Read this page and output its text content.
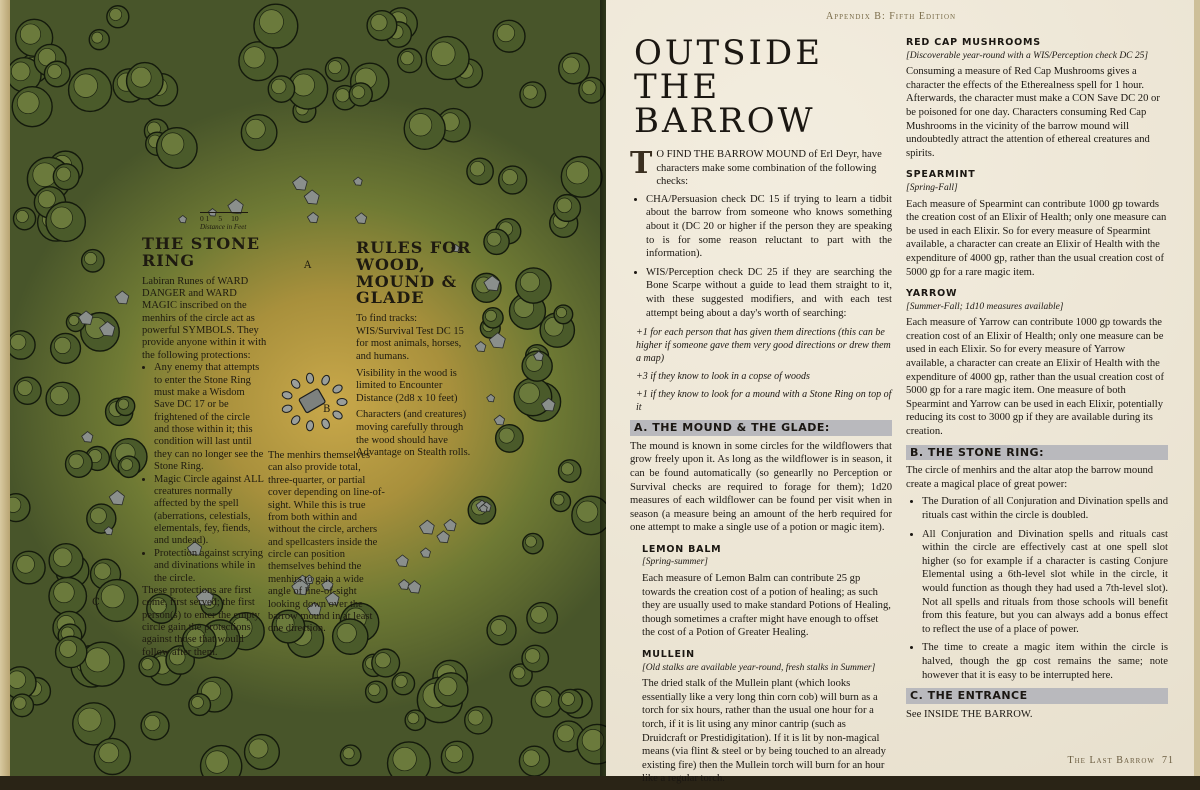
0 1 5 10
Distance in Feet
THE STONE RING

Labiran Runes of WARD DANGER and WARD MAGIC inscribed on the menhirs of the circle act as powerful SYMBOLS. They provide anyone within it with the following protections:

• Any enemy that attempts to enter the Stone Ring must make a Wisdom Save DC 17 or be frightened of the circle and those within it; this condition will last until they can no longer see the Stone Ring.
• Magic Circle against ALL creatures normally affected by the spell (aberrations, celestials, elementals, fey, fiends, and undead).
• Protection against scrying and divinations while in the circle.

These protections are first come, first served; the first person(s) to enter the empty circle gain the protections against those that would follow after them.

RULES FOR WOOD, MOUND & GLADE

To find tracks: WIS/Survival Test DC 15 for most animals, horses, and humans.

Visibility in the wood is limited to Encounter Distance (2d8 x 10 feet)

Characters (and creatures) moving carefully through the wood should have Advantage on Stealth rolls.

The menhirs themselves can also provide total, three-quarter, or partial cover depending on line-of-sight. While this is true from both within and without the circle, archers and spellcasters inside the circle can position themselves behind the menhirs to gain a wide angle of line-of-sight looking down over the barrow mound in at least one direction.
A
B
C
Appendix B: Fifth Edition
OUTSIDE
THE BARROW

T O FIND THE BARROW MOUND of Erl Deyr, have characters make some combination of the following checks:

• CHA/Persuasion check DC 15 if trying to learn a tidbit about the barrow from someone who knows something about it (DC 20 or higher if the person they are speaking to is for some reason reluctant to part with the information).
• WIS/Perception check DC 25 if they are searching the Bone Scarpe without a guide to lead them straight to it, with these suggested modifiers, and with each test attempt being about a day's worth of searching:
+1 for each person that has given them directions (this can be higher if someone gave them very good directions or drew them a map)
+3 if they know to look in a copse of woods
+1 if they know to look for a mound with a Stone Ring on top of it
A. THE MOUND & THE GLADE:

The mound is known in some circles for the wildflowers that grow freely upon it. As long as the wildflower is in season, it can be found automatically (so genearlly no Perception or Survival checks are required to forage for them); 1d20 measures of each wildflower can be found per visit when in season (a measure being an amount of the herb required for one attempt to make a single use of a potion or magic item).

LEMON BALM
[Spring-summer]

Each measure of Lemon Balm can contribute 25 gp towards the creation cost of a potion of healing; as such they are usually used to make standard Potions of Healing, though sometimes a crafter might have enough to offset the cost of a Potion of Greater Healing.

MULLEIN
[Old stalks are available year-round, fresh stalks in Summer]

The dried stalk of the Mullein plant (which looks essentially like a very long thin corn cob) will burn as a torch for six hours, rather than the usual one hour for a torch, if it is lit using any minor cantrip (such as Druidcraft or Prestidigitation). If it is lit by non-magical means (via flint & steel or by being touched to an already existing fire) then the Mullein torch will burn for an hour like a regular torch.

RED CAP MUSHROOMS
[Discoverable year-round with a WIS/Perception check DC 25]

Consuming a measure of Red Cap Mushrooms gives a character the effects of the Etherealness spell for 1 hour. Afterwards, the character must make a CON Save DC 20 or be poisoned for one day. Characters consuming Red Cap Mushrooms in the vicinity of the barrow mound will undoubtedly attract the attention of ethereal creatures and spirits.

SPEARMINT
[Spring-Fall]

Each measure of Spearmint can contribute 1000 gp towards the creation cost of an Elixir of Health; only one measure can be used in each Elixir. So for every measure of Spearmint available, a character can create an Elixir of Health with the expenditure of 4000 gp, rather than the usual creation cost of 5000 gp for a rare magic item.

YARROW
[Summer-Fall; 1d10 measures available]

Each measure of Yarrow can contribute 1000 gp towards the creation cost of an Elixir of Health; only one measure can be used in each Elixir. So for every measure of Yarrow available, a character can create an Elixir of Health with the expenditure of 4000 gp, rather than the usual creation cost of 5000 gp for a rare magic item. One measure of both Spearmint and Yarrow can be used in each Elixir, potentially reducing its cost to 3000 gp if they are available during its creation.

B. THE STONE RING:

The circle of menhirs and the altar atop the barrow mound create a magical place of great power:

• The Duration of all Conjuration and Divination spells and rituals cast within the circle is doubled.
• All Conjuration and Divination spells and rituals cast within the circle are effectively cast at one spell slot higher (so for example if a character is casting Conjure Elemental using a 6th-level slot while in the circle, it would function as though they had used a 7th-level slot). Not all spells and rituals from those schools will benefit from this feature, but you can always add a bonus effect to reflect the use of a place of power.
• The time to create a magic item within the circle is halved, though the gp cost remains the same; note however that it is easy to be interrupted here.
C. THE ENTRANCE

See INSIDE THE BARROW.

The Last Barrow 71
